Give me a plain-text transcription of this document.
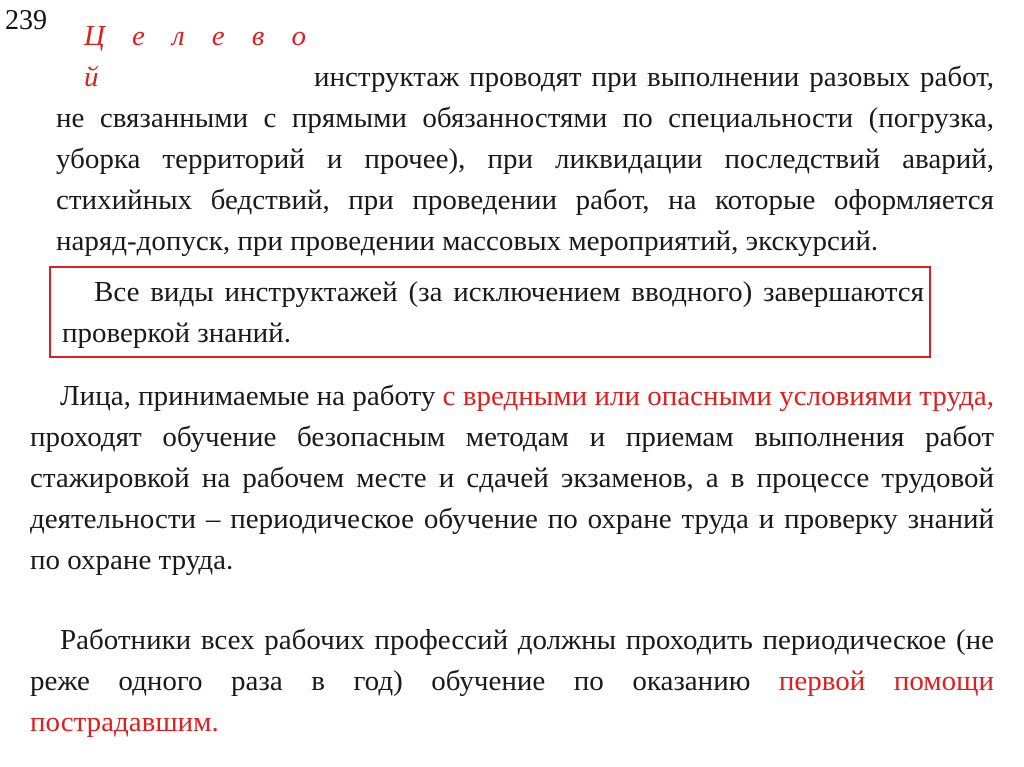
239	Ц е л е в о й	инструктаж проводят при выполнении разовых работ, не связанными с прямыми обязанностями по специальности (погрузка, уборка территорий и прочее), при ликвидации последствий аварий, стихийных бедствий, при проведении работ, на которые оформляется наряд-допуск, при проведении массовых мероприятий, экскурсий.

Все виды инструктажей (за исключением вводного) завершаются проверкой знаний.

Лица, принимаемые на работу с вредными или опасными условиями труда, проходят обучение безопасным методам и приемам выполнения работ стажировкой на рабочем месте и сдачей экзаменов, а в процессе трудовой деятельности – периодическое обучение по охране труда и проверку знаний по охране труда.

Работники всех рабочих профессий должны проходить периодическое (не реже одного раза в год) обучение по оказанию первой помощи пострадавшим.
